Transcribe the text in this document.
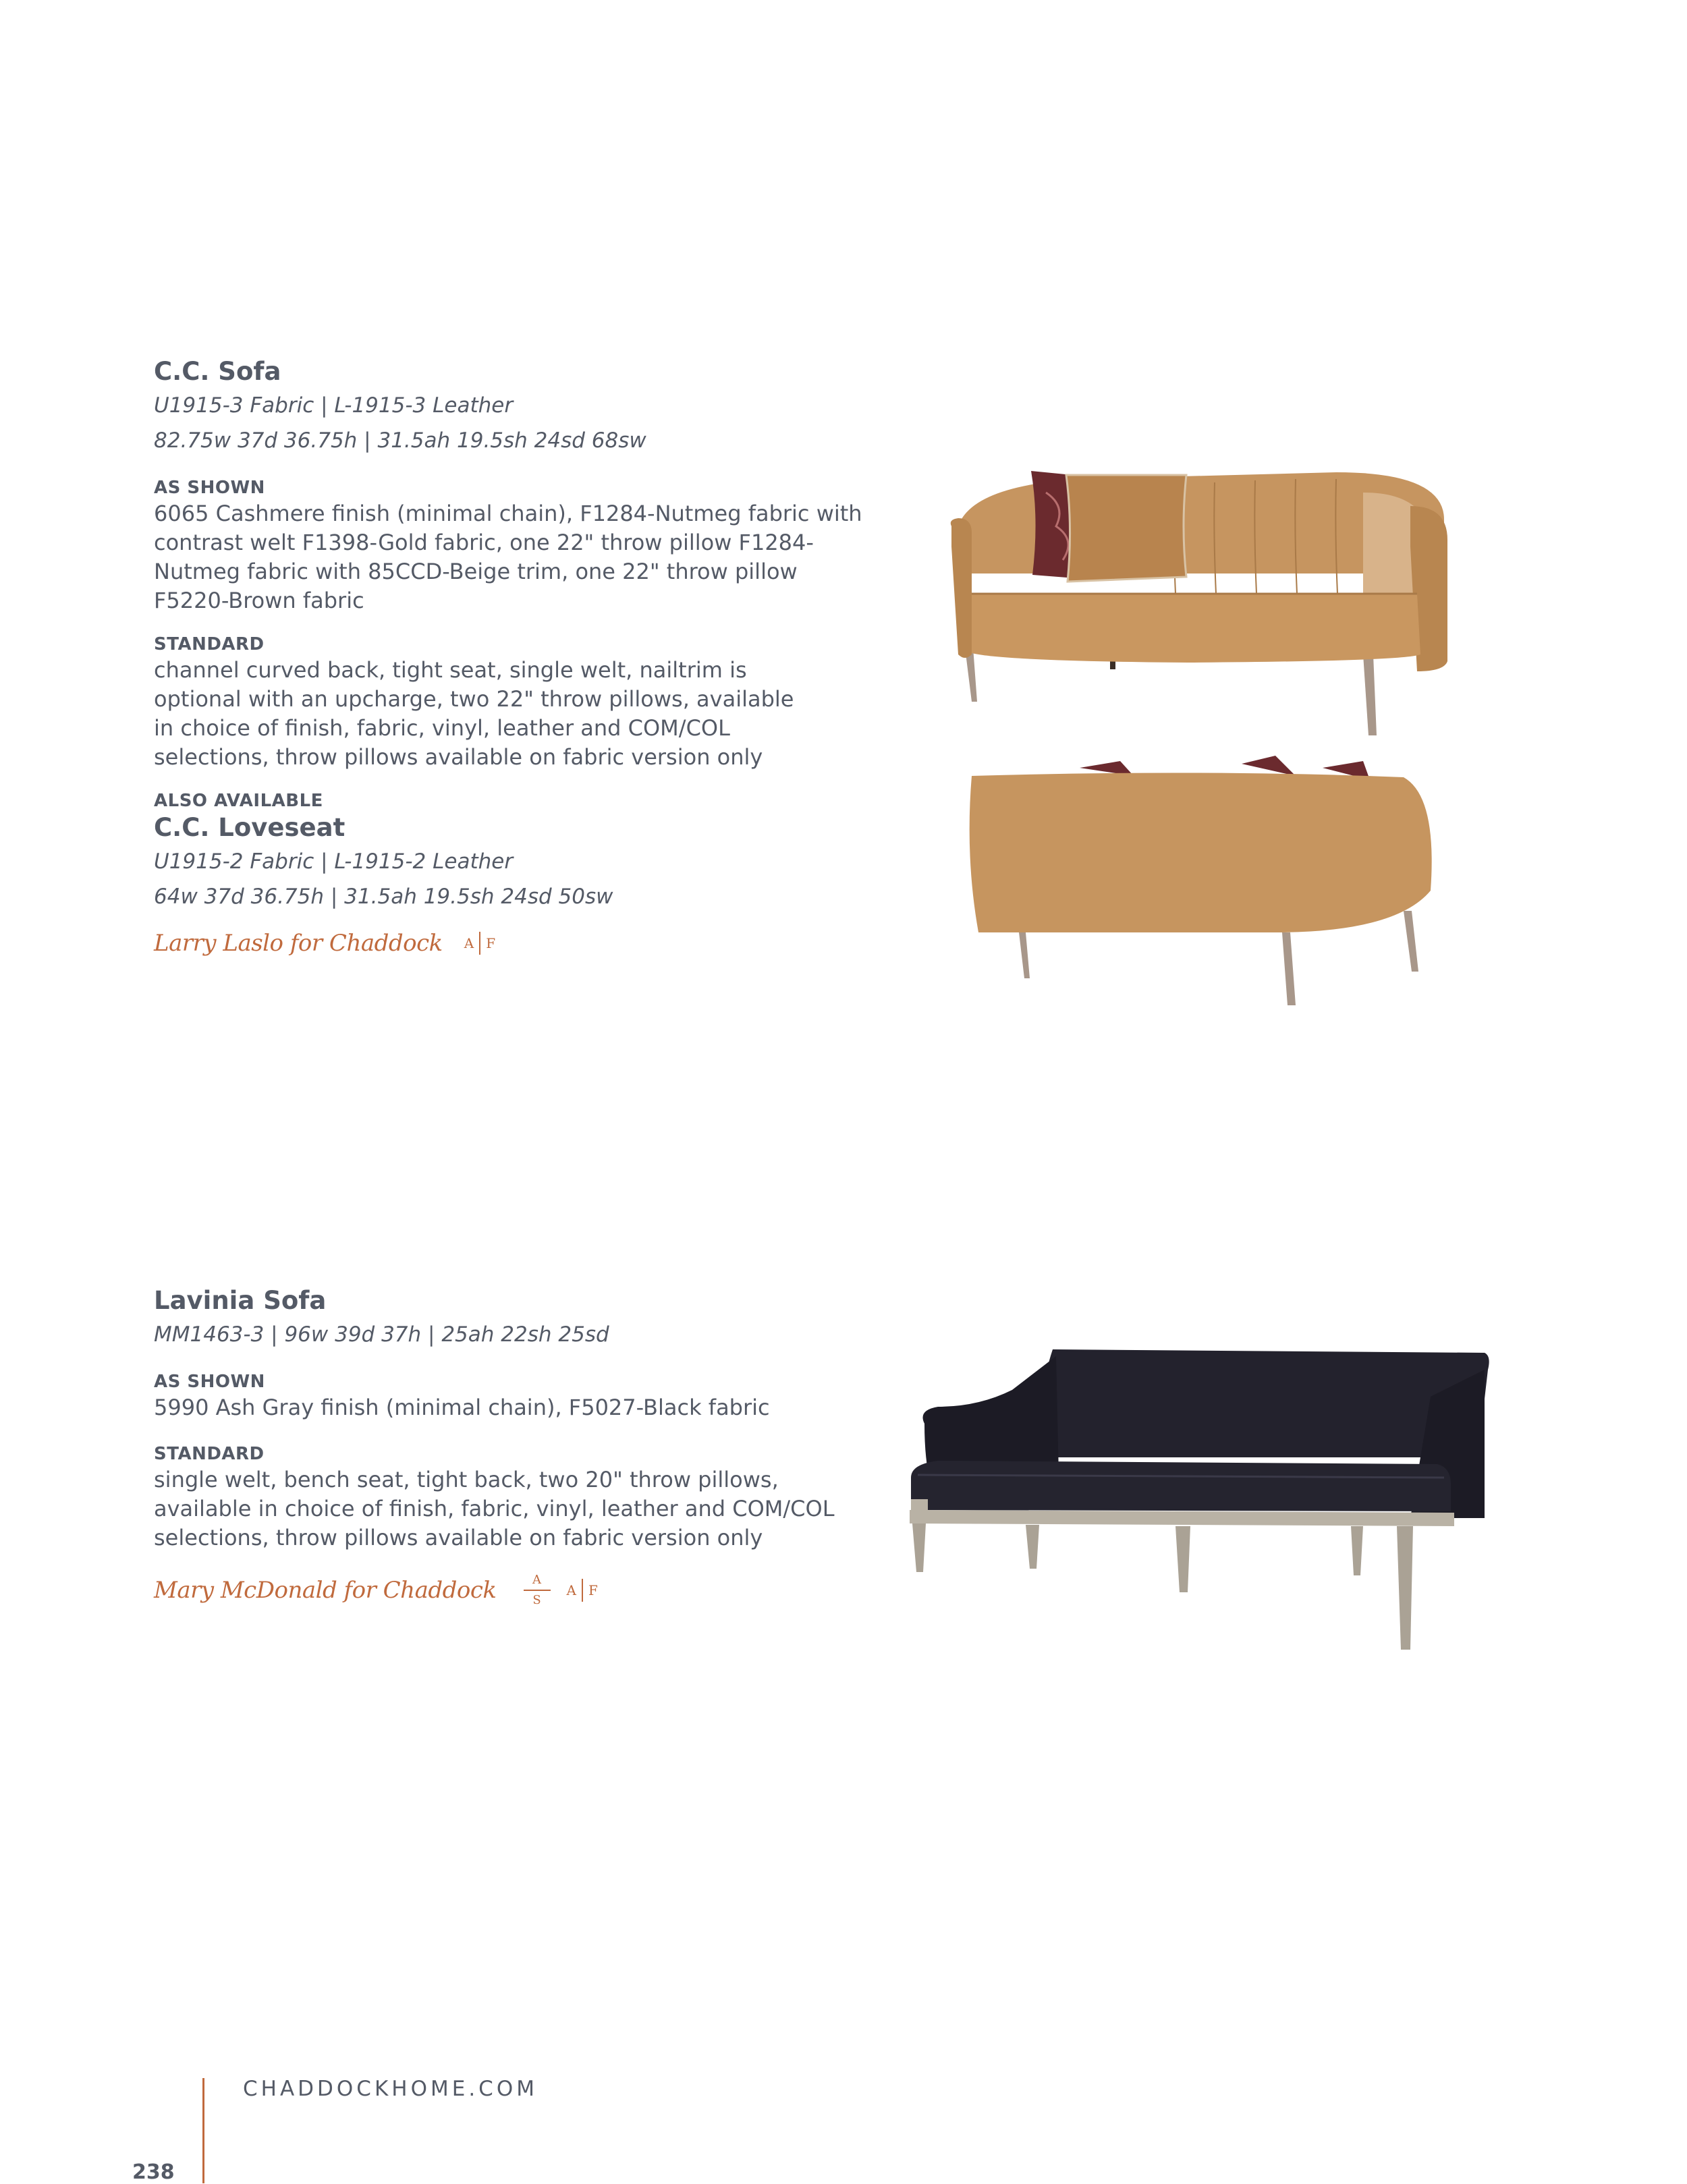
C.C. Sofa

U1915-3 Fabric | L-1915-3 Leather

82.75w 37d 36.75h | 31.5ah 19.5sh 24sd 68sw

AS SHOWN

6065 Cashmere finish (minimal chain), F1284-Nutmeg fabric with contrast welt F1398-Gold fabric, one 22" throw pillow F1284-Nutmeg fabric with 85CCD-Beige trim, one 22" throw pillow F5220-Brown fabric

STANDARD

channel curved back, tight seat, single welt, nailtrim is optional with an upcharge, two 22" throw pillows, available in choice of finish, fabric, vinyl, leather and COM/COL selections, throw pillows available on fabric version only

ALSO AVAILABLE

C.C. Loveseat

U1915-2 Fabric | L-1915-2 Leather

64w 37d 36.75h | 31.5ah 19.5sh 24sd 50sw

Larry Laslo for Chaddock A F
Lavinia Sofa

MM1463-3 | 96w 39d 37h | 25ah 22sh 25sd

AS SHOWN

5990 Ash Gray finish (minimal chain), F5027-Black fabric

STANDARD

single welt, bench seat, tight back, two 20" throw pillows, available in choice of finish, fabric, vinyl, leather and COM/COL selections, throw pillows available on fabric version only

Mary McDonald for Chaddock $\frac{A}{S}$ A F
CHADDOCKHOME.COM
238
